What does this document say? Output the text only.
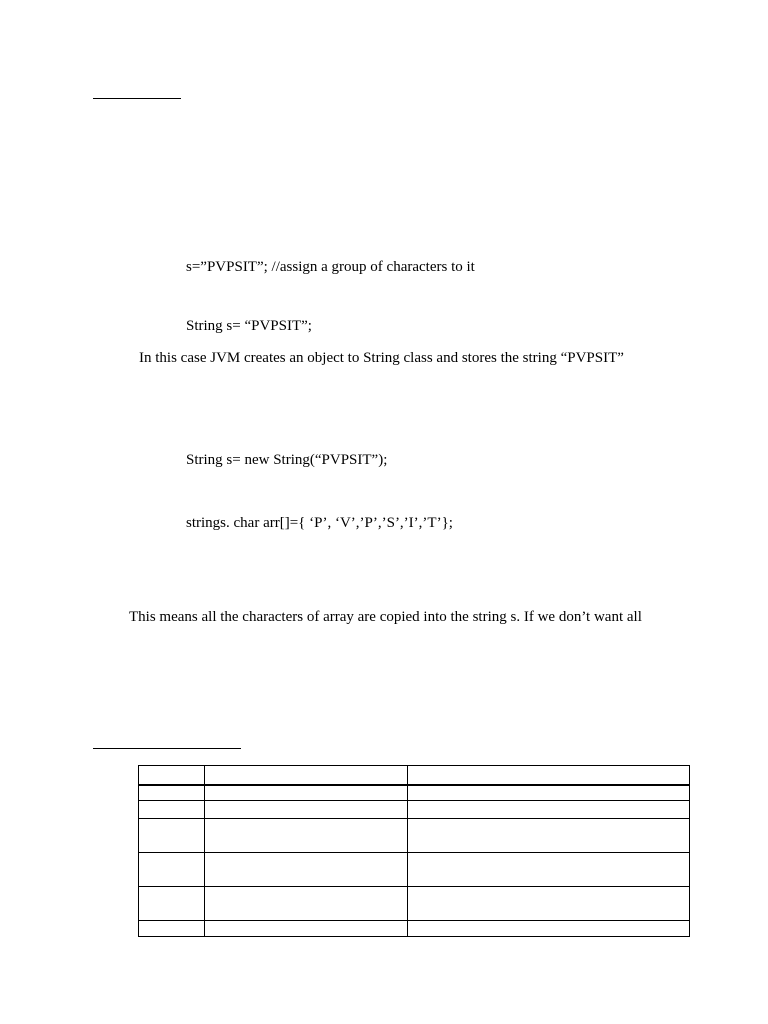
s=”PVPSIT”; //assign a group of characters to it
String s= “PVPSIT”;
In this case JVM creates an object to String class and stores the string “PVPSIT”
String s= new String(“PVPSIT”);
strings. char arr[]={ ‘P’, ‘V’,’P’,’S’,’I’,’T’};
This means all the characters of array are copied into the string s. If we don’t want all
